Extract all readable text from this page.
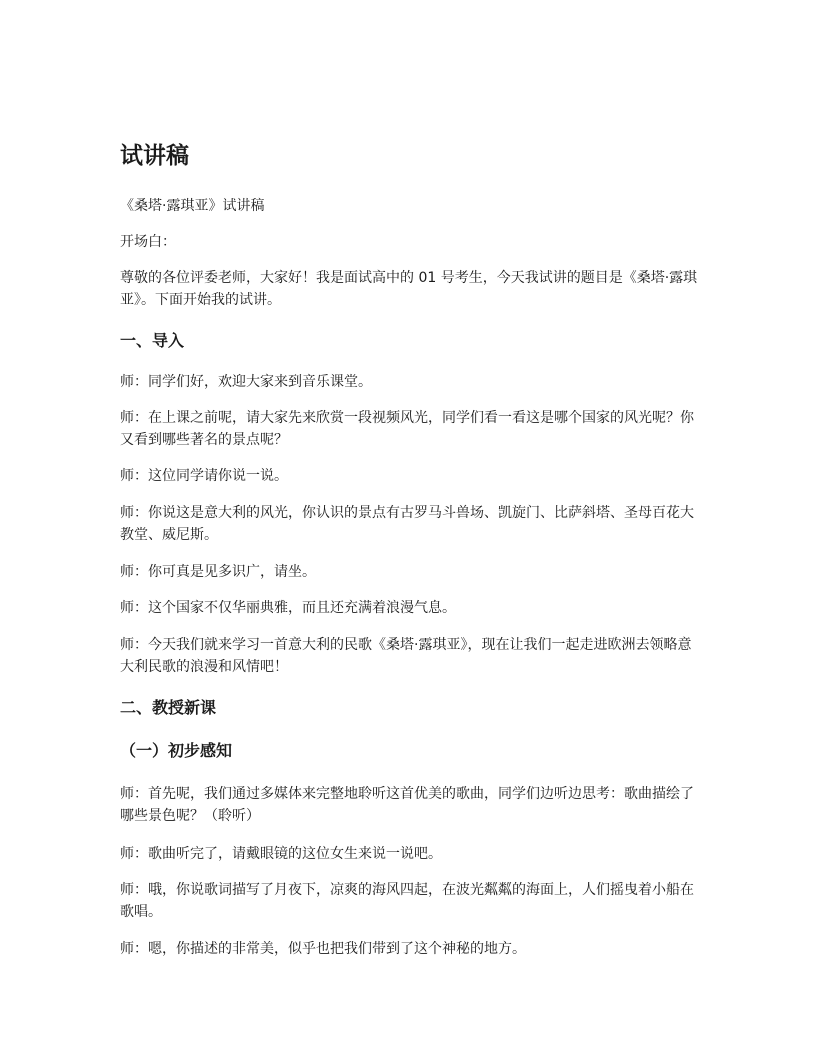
试讲稿

《桑塔·露琪亚》试讲稿

开场白：

尊敬的各位评委老师，大家好！我是面试高中的 01 号考生，今天我试讲的题目是《桑塔·露琪亚》。下面开始我的试讲。

一、导入

师：同学们好，欢迎大家来到音乐课堂。

师：在上课之前呢，请大家先来欣赏一段视频风光，同学们看一看这是哪个国家的风光呢？你又看到哪些著名的景点呢？

师：这位同学请你说一说。

师：你说这是意大利的风光，你认识的景点有古罗马斗兽场、凯旋门、比萨斜塔、圣母百花大教堂、威尼斯。

师：你可真是见多识广，请坐。

师：这个国家不仅华丽典雅，而且还充满着浪漫气息。

师：今天我们就来学习一首意大利的民歌《桑塔·露琪亚》，现在让我们一起走进欧洲去领略意大利民歌的浪漫和风情吧！

二、教授新课
（一）初步感知

师：首先呢，我们通过多媒体来完整地聆听这首优美的歌曲，同学们边听边思考：歌曲描绘了哪些景色呢？（聆听）

师：歌曲听完了，请戴眼镜的这位女生来说一说吧。

师：哦，你说歌词描写了月夜下，凉爽的海风四起，在波光粼粼的海面上，人们摇曳着小船在歌唱。

师：嗯，你描述的非常美，似乎也把我们带到了这个神秘的地方。
